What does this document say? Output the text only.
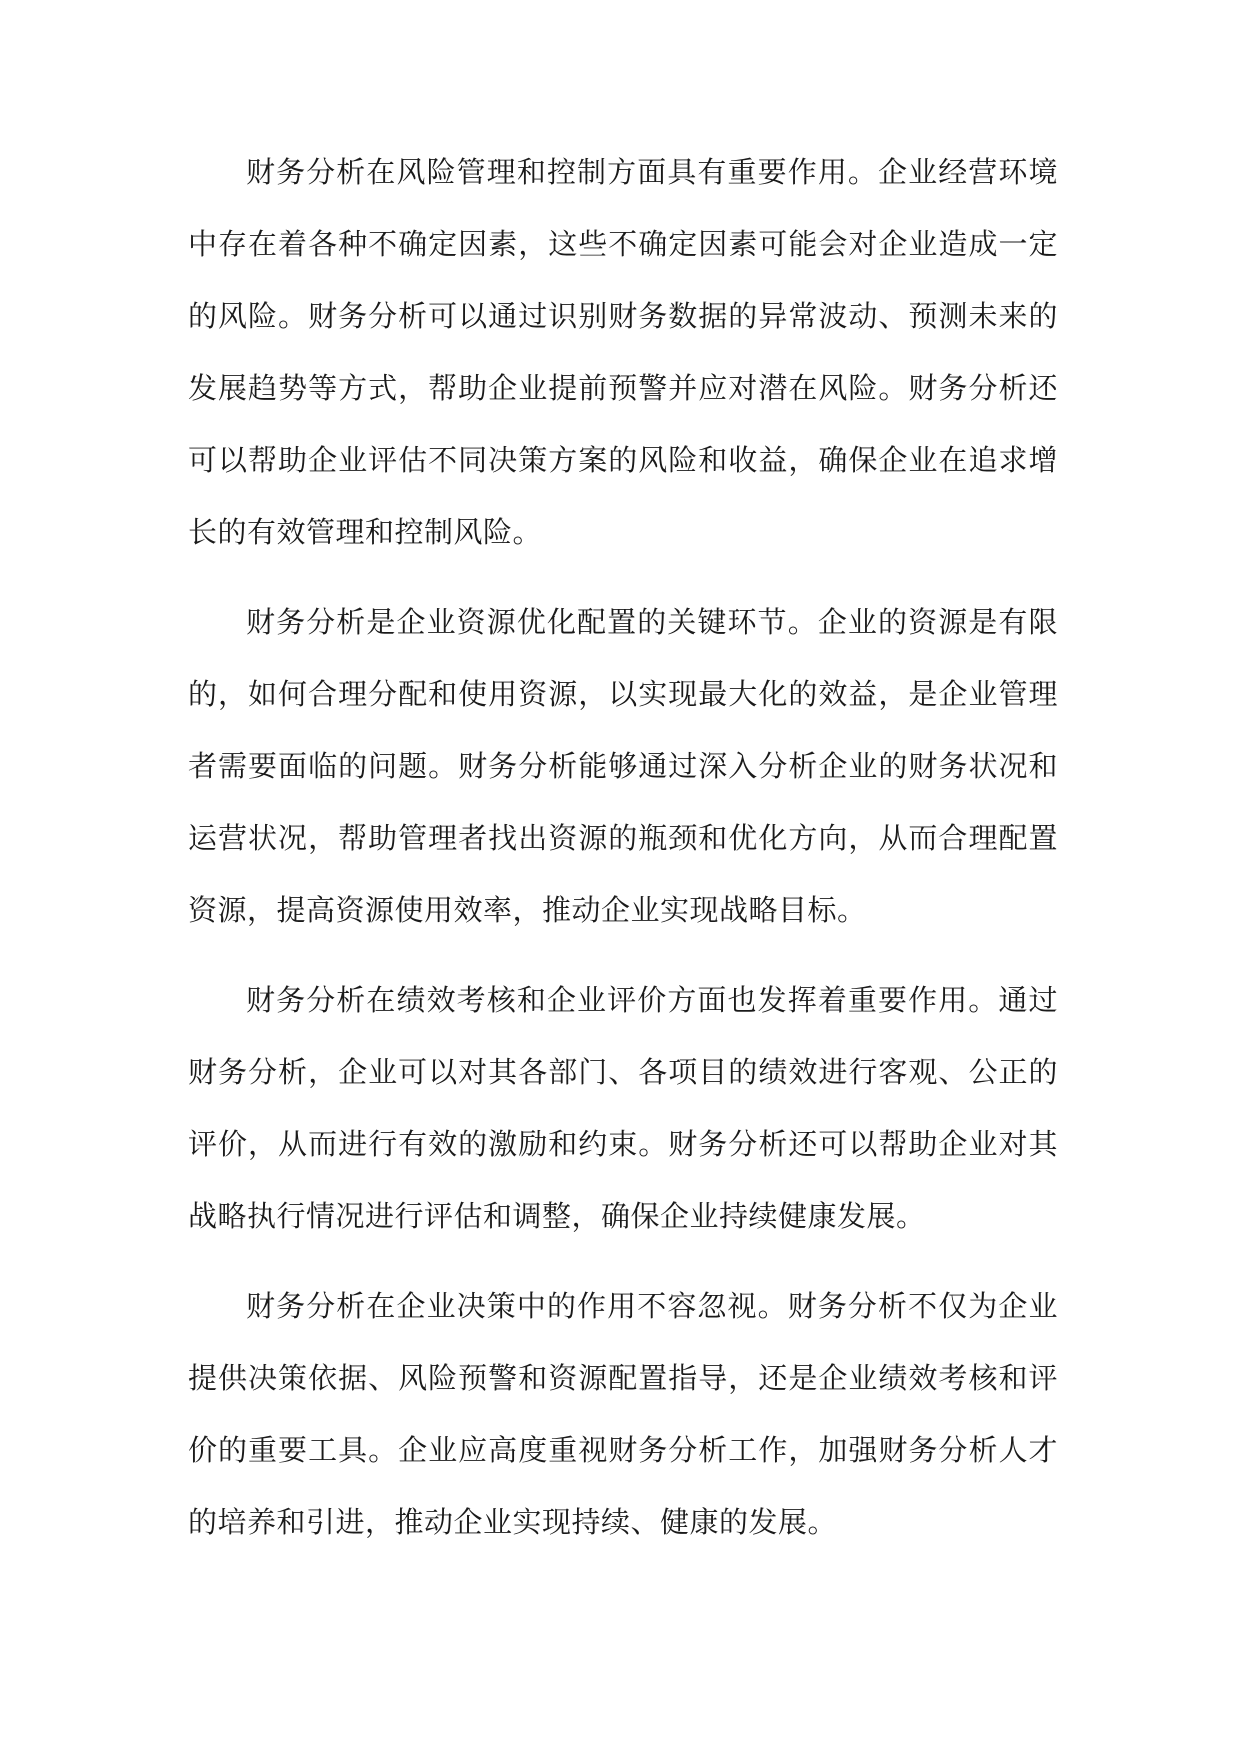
财务分析在风险管理和控制方面具有重要作用。企业经营环境中存在着各种不确定因素，这些不确定因素可能会对企业造成一定的风险。财务分析可以通过识别财务数据的异常波动、预测未来的发展趋势等方式，帮助企业提前预警并应对潜在风险。财务分析还可以帮助企业评估不同决策方案的风险和收益，确保企业在追求增长的有效管理和控制风险。

财务分析是企业资源优化配置的关键环节。企业的资源是有限的，如何合理分配和使用资源，以实现最大化的效益，是企业管理者需要面临的问题。财务分析能够通过深入分析企业的财务状况和运营状况，帮助管理者找出资源的瓶颈和优化方向，从而合理配置资源，提高资源使用效率，推动企业实现战略目标。

财务分析在绩效考核和企业评价方面也发挥着重要作用。通过财务分析，企业可以对其各部门、各项目的绩效进行客观、公正的评价，从而进行有效的激励和约束。财务分析还可以帮助企业对其战略执行情况进行评估和调整，确保企业持续健康发展。

财务分析在企业决策中的作用不容忽视。财务分析不仅为企业提供决策依据、风险预警和资源配置指导，还是企业绩效考核和评价的重要工具。企业应高度重视财务分析工作，加强财务分析人才的培养和引进，推动企业实现持续、健康的发展。
